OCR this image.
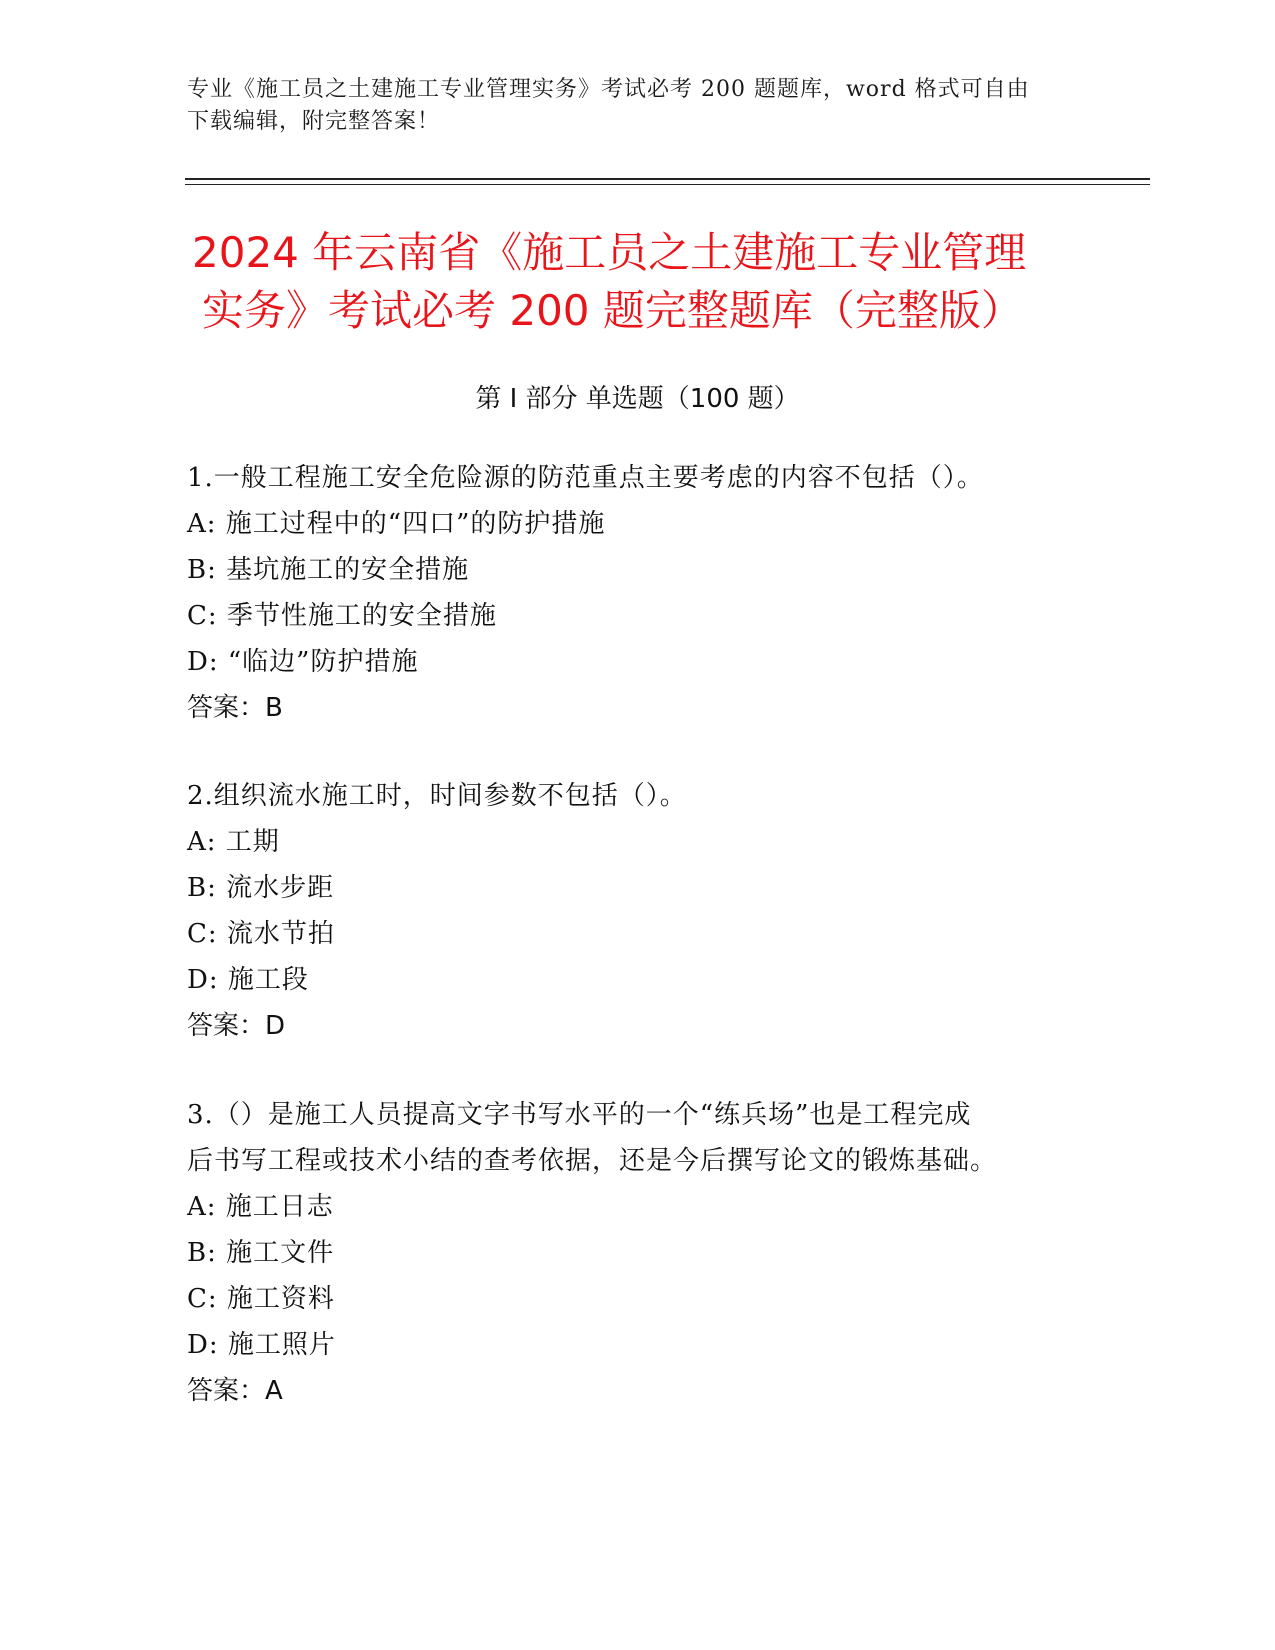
专业《施工员之土建施工专业管理实务》考试必考 200 题题库，word 格式可自由
下载编辑，附完整答案！
2024 年云南省《施工员之土建施工专业管理
实务》考试必考 200 题完整题库（完整版）
第 I 部分 单选题（100 题）
1.一般工程施工安全危险源的防范重点主要考虑的内容不包括（）。
A: 施工过程中的“四口”的防护措施
B: 基坑施工的安全措施
C: 季节性施工的安全措施
D: “临边”防护措施
答案：B
2.组织流水施工时，时间参数不包括（）。
A: 工期
B: 流水步距
C: 流水节拍
D: 施工段
答案：D
3.（）是施工人员提高文字书写水平的一个“练兵场”也是工程完成
后书写工程或技术小结的查考依据，还是今后撰写论文的锻炼基础。
A: 施工日志
B: 施工文件
C: 施工资料
D: 施工照片
答案：A
